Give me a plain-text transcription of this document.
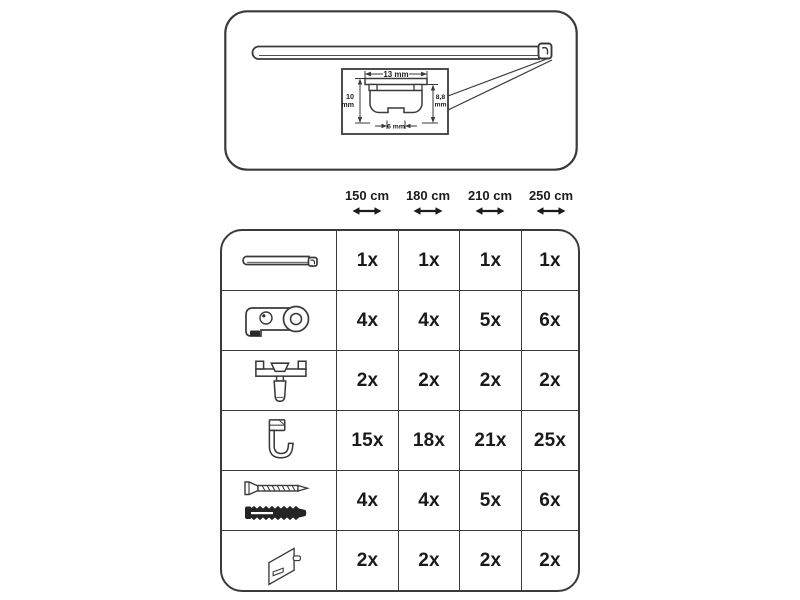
13 mm
10
mm
8,8
mm
6 mm
150 cm 180 cm 210 cm 250 cm
1x 1x 1x 1x
4x 4x 5x 6x
2x 2x 2x 2x
15x 18x 21x 25x
4x 4x 5x 6x
2x 2x 2x 2x
